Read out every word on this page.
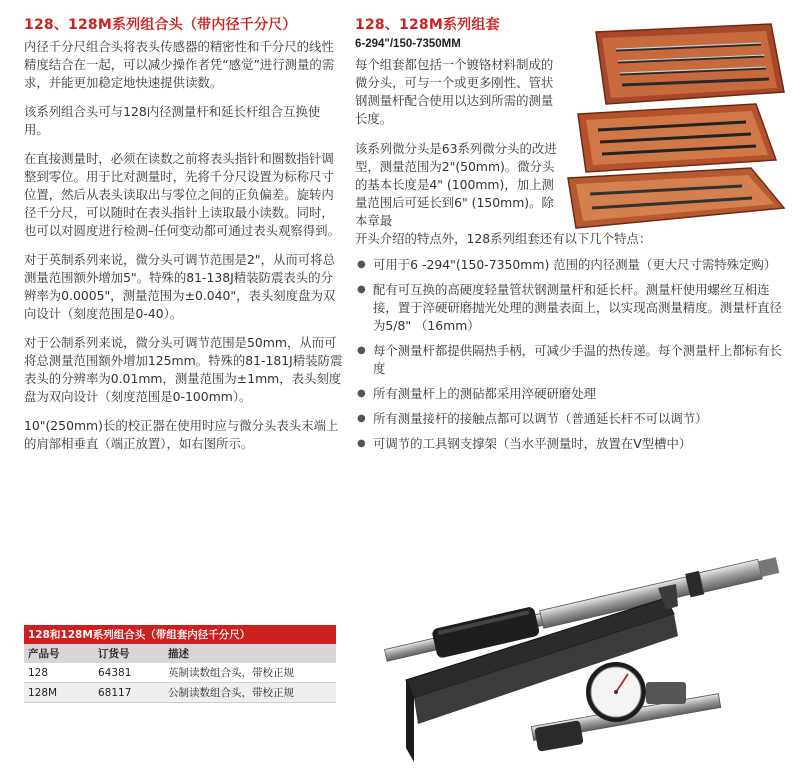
128、128M系列组合头（带内径千分尺）

内径千分尺组合头将表头传感器的精密性和千分尺的线性精度结合在一起，可以减少操作者凭“感觉”进行测量的需求，并能更加稳定地快速提供读数。

该系列组合头可与128内径测量杆和延长杆组合互换使用。

在直接测量时，必须在读数之前将表头指针和圈数指针调整到零位。用于比对测量时，先将千分尺设置为标称尺寸位置，然后从表头读取出与零位之间的正负偏差。旋转内径千分尺，可以随时在表头指针上读取最小读数。同时，也可以对圆度进行检测–任何变动都可通过表头观察得到。

对于英制系列来说，微分头可调节范围是2"，从而可将总测量范围额外增加5"。特殊的81-138J精装防震表头的分辨率为0.0005"，测量范围为±0.040"，表头刻度盘为双向设计（刻度范围是0-40）。

对于公制系列来说，微分头可调节范围是50mm，从而可将总测量范围额外增加125mm。特殊的81-181J精装防震表头的分辨率为0.01mm，测量范围为±1mm，表头刻度盘为双向设计（刻度范围是0-100mm）。

10"(250mm)长的校正器在使用时应与微分头表头末端上的肩部相垂直（端正放置），如右图所示。

128和128M系列组合头（带组套内径千分尺）		
产品号	订货号	描述
128	64381	英制读数组合头，带校正规
128M	68117	公制读数组合头，带校正规
128、128M系列组套
6-294"/150-7350MM
每个组套都包括一个镀铬材料制成的微分头，可与一个或更多刚性、管状钢测量杆配合使用以达到所需的测量长度。
该系列微分头是63系列微分头的改进型，测量范围为2"(50mm)。微分头的基本长度是4" (100mm)，加上测量范围后可延长到6" (150mm)。除本章最
开头介绍的特点外，128系列组套还有以下几个特点：
● 可用于6 -294"(150-7350mm) 范围的内径测量（更大尺寸需特殊定购）
● 配有可互换的高硬度轻量管状钢测量杆和延长杆。测量杆使用螺丝互相连接，置于淬硬研磨抛光处理的测量表面上，以实现高测量精度。测量杆直径为5/8" （16mm）
● 每个测量杆都提供隔热手柄，可减少手温的热传递。每个测量杆上都标有长度
● 所有测量杆上的测砧都采用淬硬研磨处理
● 所有测量接杆的接触点都可以调节（普通延长杆不可以调节）
● 可调节的工具钢支撑架（当水平测量时，放置在V型槽中）
